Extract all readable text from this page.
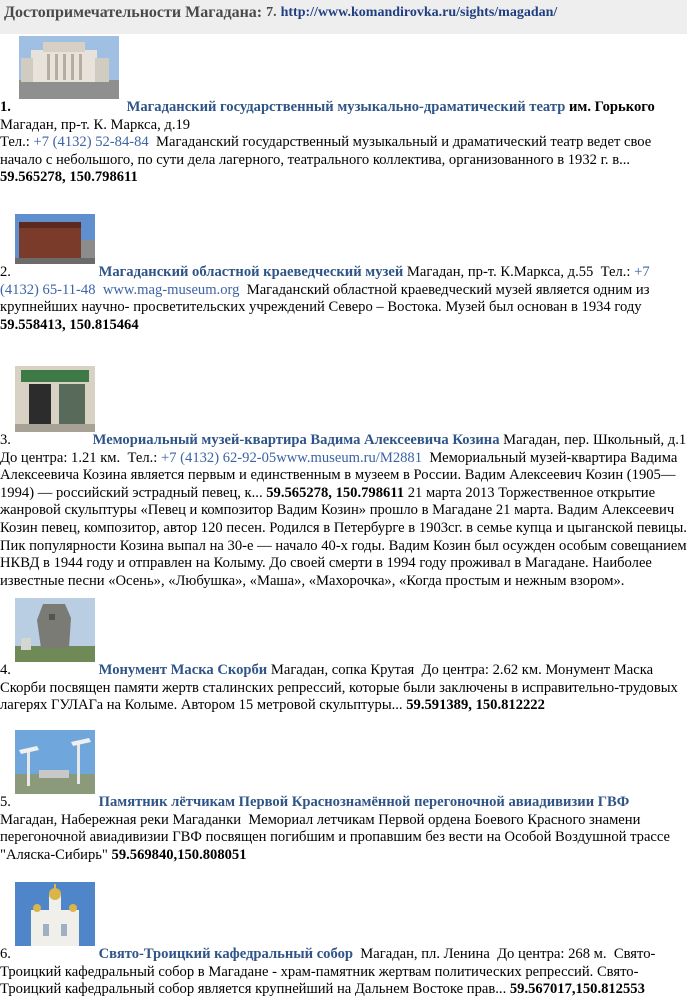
Достопримечательности Магадана: 7. http://www.komandirovka.ru/sights/magadan/
1.	Магаданский государственный музыкально-драматический театр им. Горького
Магадан, пр-т. К. Маркса, д.19
Тел.: +7 (4132) 52-84-84 Магаданский государственный музыкальный и драматический театр ведет свое начало с небольшого, по сути дела лагерного, театрального коллектива, организованного в 1932 г. в...
59.565278, 150.798611
2.	Магаданский областной краеведческий музей Магадан, пр-т. К.Маркса, д.55 Тел.: +7 (4132) 65-11-48 www.mag-museum.org Магаданский областной краеведческий музей является одним из крупнейших научно- просветительских учреждений Северо – Востока. Музей был основан в 1934 году
59.558413, 150.815464
3.	Мемориальный музей-квартира Вадима Алексеевича Козина Магадан, пер. Школьный, д.1 До центра: 1.21 км. Тел.: +7 (4132) 62-92-05www.museum.ru/M2881 Мемориальный музей-квартира Вадима Алексеевича Козина является первым и единственным в музеем в России. Вадим Алексеевич Козин (1905—1994) — российский эстрадный певец, к... 59.565278, 150.798611 21 марта 2013 Торжественное открытие жанровой скульптуры «Певец и композитор Вадим Козин» прошло в Магадане 21 марта. Вадим Алексеевич Козин певец, композитор, автор 120 песен. Родился в Петербурге в 1903сг. в семье купца и цыганской певицы. Пик популярности Козина выпал на 30-е — начало 40-х годы. Вадим Козин был осужден особым совещанием НКВД в 1944 году и отправлен на Колыму. До своей смерти в 1994 году проживал в Магадане. Наиболее известные песни «Осень», «Любушка», «Маша», «Махорочка», «Когда простым и нежным взором».
4.	Монумент Маска Скорби Магадан, сопка Крутая До центра: 2.62 км. Монумент Маска Скорби посвящен памяти жертв сталинских репрессий, которые были заключены в исправительно-трудовых лагерях ГУЛАГа на Колыме. Автором 15 метровой скульптуры... 59.591389, 150.812222
5.	Памятник лётчикам Первой Краснознамённой перегоночной авиадивизии ГВФ
Магадан, Набережная реки Магаданки Мемориал летчикам Первой ордена Боевого Красного знамени перегоночной авиадивизии ГВФ посвящен погибшим и пропавшим без вести на Особой Воздушной трассе "Аляска-Сибирь" 59.569840,150.808051
6.	Свято-Троицкий кафедральный собор Магадан, пл. Ленина До центра: 268 м. Свято-Троицкий кафедральный собор в Магадане - храм-памятник жертвам политических репрессий. Свято-Троицкий кафедральный собор является крупнейший на Дальнем Востоке прав... 59.567017,150.812553
